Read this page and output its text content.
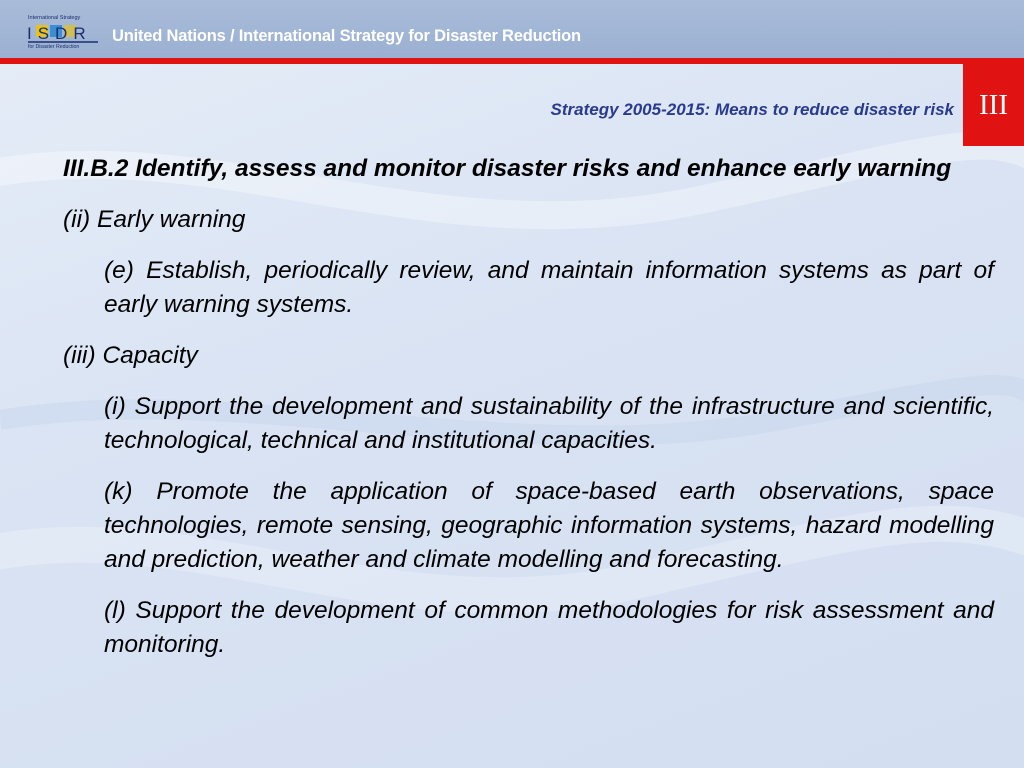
International Strategy
ISDR
for Disaster Reduction
United Nations / International Strategy for Disaster Reduction
III
Strategy 2005-2015: Means to reduce disaster risk

III.B.2 Identify, assess and monitor disaster risks and enhance early warning

(ii) Early warning

(e) Establish, periodically review, and maintain information systems as part of early warning systems.

(iii) Capacity

(i) Support the development and sustainability of the infrastructure and scientific, technological, technical and institutional capacities.

(k) Promote the application of space-based earth observations, space technologies, remote sensing, geographic information systems, hazard modelling and prediction, weather and climate modelling and forecasting.

(l) Support the development of common methodologies for risk assessment and monitoring.
